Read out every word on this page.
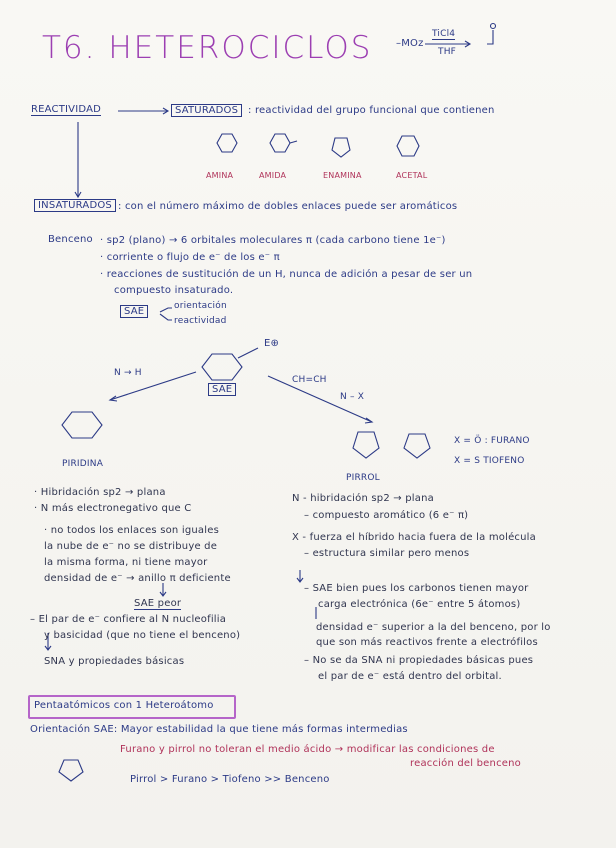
T6. HETEROCICLOS –MOz
TiCl4
THF
REACTIVIDAD	SATURADOS : reactividad del grupo funcional que contienen
AMINA	AMIDA	ENAMINA	ACETAL
INSATURADOS : con el número máximo de dobles enlaces puede ser aromáticos
Benceno · sp2 (plano) → 6 orbitales moleculares π (cada carbono tiene 1e⁻)
· corriente o flujo de e⁻ de los e⁻ π
· reacciones de sustitución de un H, nunca de adición a pesar de ser un
compuesto insaturado.
SAE	orientación
reactividad
E⊕
SAE
N → H
CH=CH
N – X
PIRIDINA
PIRROL
X = Ö : FURANO
X = S TIOFENO
· Hibridación sp2 → plana
· N más electronegativo que C
· no todos los enlaces son iguales
la nube de e⁻ no se distribuye de
la misma forma, ni tiene mayor
densidad de e⁻ → anillo π deficiente
SAE peor
– El par de e⁻ confiere al N nucleofilia
y basicidad (que no tiene el benceno)
SNA y propiedades básicas
N - hibridación sp2 → plana
– compuesto aromático (6 e⁻ π)
X - fuerza el híbrido hacia fuera de la molécula
– estructura similar pero menos
– SAE bien pues los carbonos tienen mayor
carga electrónica (6e⁻ entre 5 átomos)
densidad e⁻ superior a la del benceno, por lo
que son más reactivos frente a electrófilos
– No se da SNA ni propiedades básicas pues
el par de e⁻ está dentro del orbital.
Pentaatómicos con 1 Heteroátomo
Orientación SAE: Mayor estabilidad la que tiene más formas intermedias
Furano y pirrol no toleran el medio ácido → modificar las condiciones de
reacción del benceno
Pirrol > Furano > Tiofeno >> Benceno
